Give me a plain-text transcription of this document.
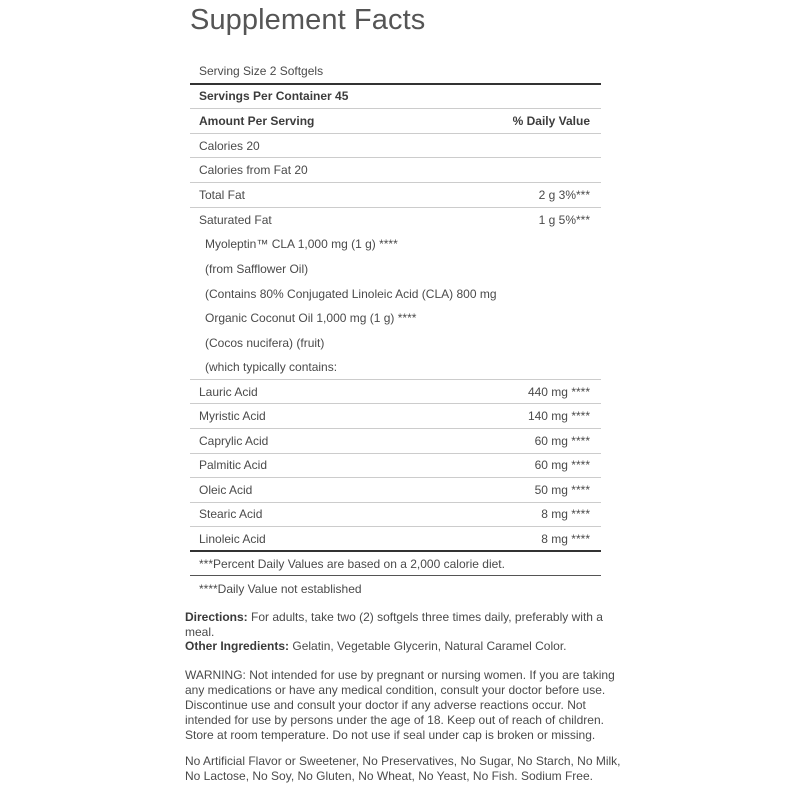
Supplement Facts
Serving Size 2 Softgels
Servings Per Container 45
Amount Per Serving	% Daily Value
Calories 20
Calories from Fat 20
Total Fat	2 g 3%***
Saturated Fat	1 g 5%***
Myoleptin™ CLA 1,000 mg (1 g) ****
(from Safflower Oil)
(Contains 80% Conjugated Linoleic Acid (CLA) 800 mg
Organic Coconut Oil 1,000 mg (1 g) ****
(Cocos nucifera) (fruit)
(which typically contains:
Lauric Acid	440 mg ****
Myristic Acid	140 mg ****
Caprylic Acid	60 mg ****
Palmitic Acid	60 mg ****
Oleic Acid	50 mg ****
Stearic Acid	8 mg ****
Linoleic Acid	8 mg ****
***Percent Daily Values are based on a 2,000 calorie diet.
****Daily Value not established

Directions: For adults, take two (2) softgels three times daily, preferably with a meal.

Other Ingredients: Gelatin, Vegetable Glycerin, Natural Caramel Color.

WARNING: Not intended for use by pregnant or nursing women. If you are taking any medications or have any medical condition, consult your doctor before use. Discontinue use and consult your doctor if any adverse reactions occur. Not intended for use by persons under the age of 18. Keep out of reach of children. Store at room temperature. Do not use if seal under cap is broken or missing.

No Artificial Flavor or Sweetener, No Preservatives, No Sugar, No Starch, No Milk, No Lactose, No Soy, No Gluten, No Wheat, No Yeast, No Fish. Sodium Free.
